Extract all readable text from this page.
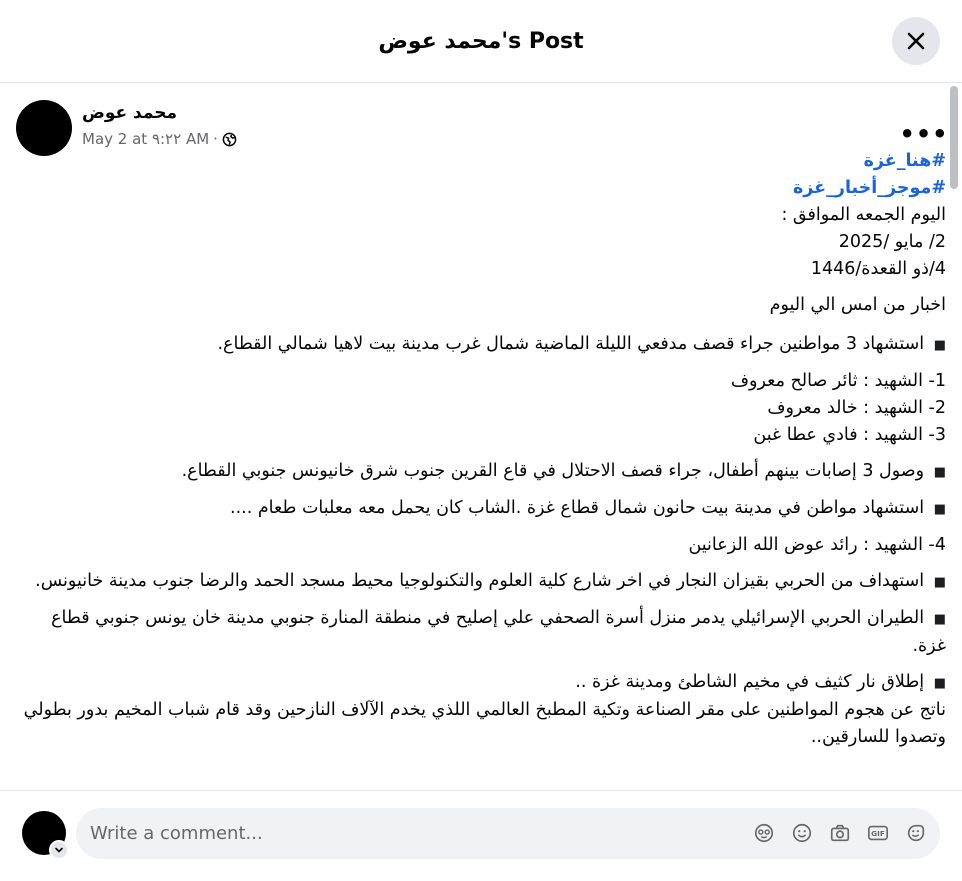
محمد عوض's Post
محمد عوض
May 2 at ٩:٢٢ AM ·	•••
#هنا_غزة
#موجز_أخبار_غزة
اليوم الجمعه الموافق :
2/ مايو /2025
4/ذو القعدة/1446
اخبار من امس الي اليوم
■ استشهاد 3 مواطنين جراء قصف مدفعي الليلة الماضية شمال غرب مدينة بيت لاهيا شمالي القطاع.
1- الشهيد : ثائر صالح معروف
2- الشهيد : خالد معروف
3- الشهيد : فادي عطا غبن
■ وصول 3 إصابات بينهم أطفال، جراء قصف الاحتلال في قاع القرين جنوب شرق خانيونس جنوبي القطاع.
■ استشهاد مواطن في مدينة بيت حانون شمال قطاع غزة .الشاب كان يحمل معه معلبات طعام ....
4- الشهيد : رائد عوض الله الزعانين
■ استهداف من الحربي بقيزان النجار في اخر شارع كلية العلوم والتكنولوجيا محيط مسجد الحمد والرضا جنوب مدينة خانيونس.
■ الطيران الحربي الإسرائيلي يدمر منزل أسرة الصحفي علي إصليح في منطقة المنارة جنوبي مدينة خان يونس جنوبي قطاع غزة.
■ إطلاق نار كثيف في مخيم الشاطئ ومدينة غزة ..
ناتج عن هجوم المواطنين على مقر الصناعة وتكية المطبخ العالمي اللذي يخدم الآلاف النازحين وقد قام شباب المخيم بدور بطولي وتصدوا للسارقين..
Write a comment...
GIF
